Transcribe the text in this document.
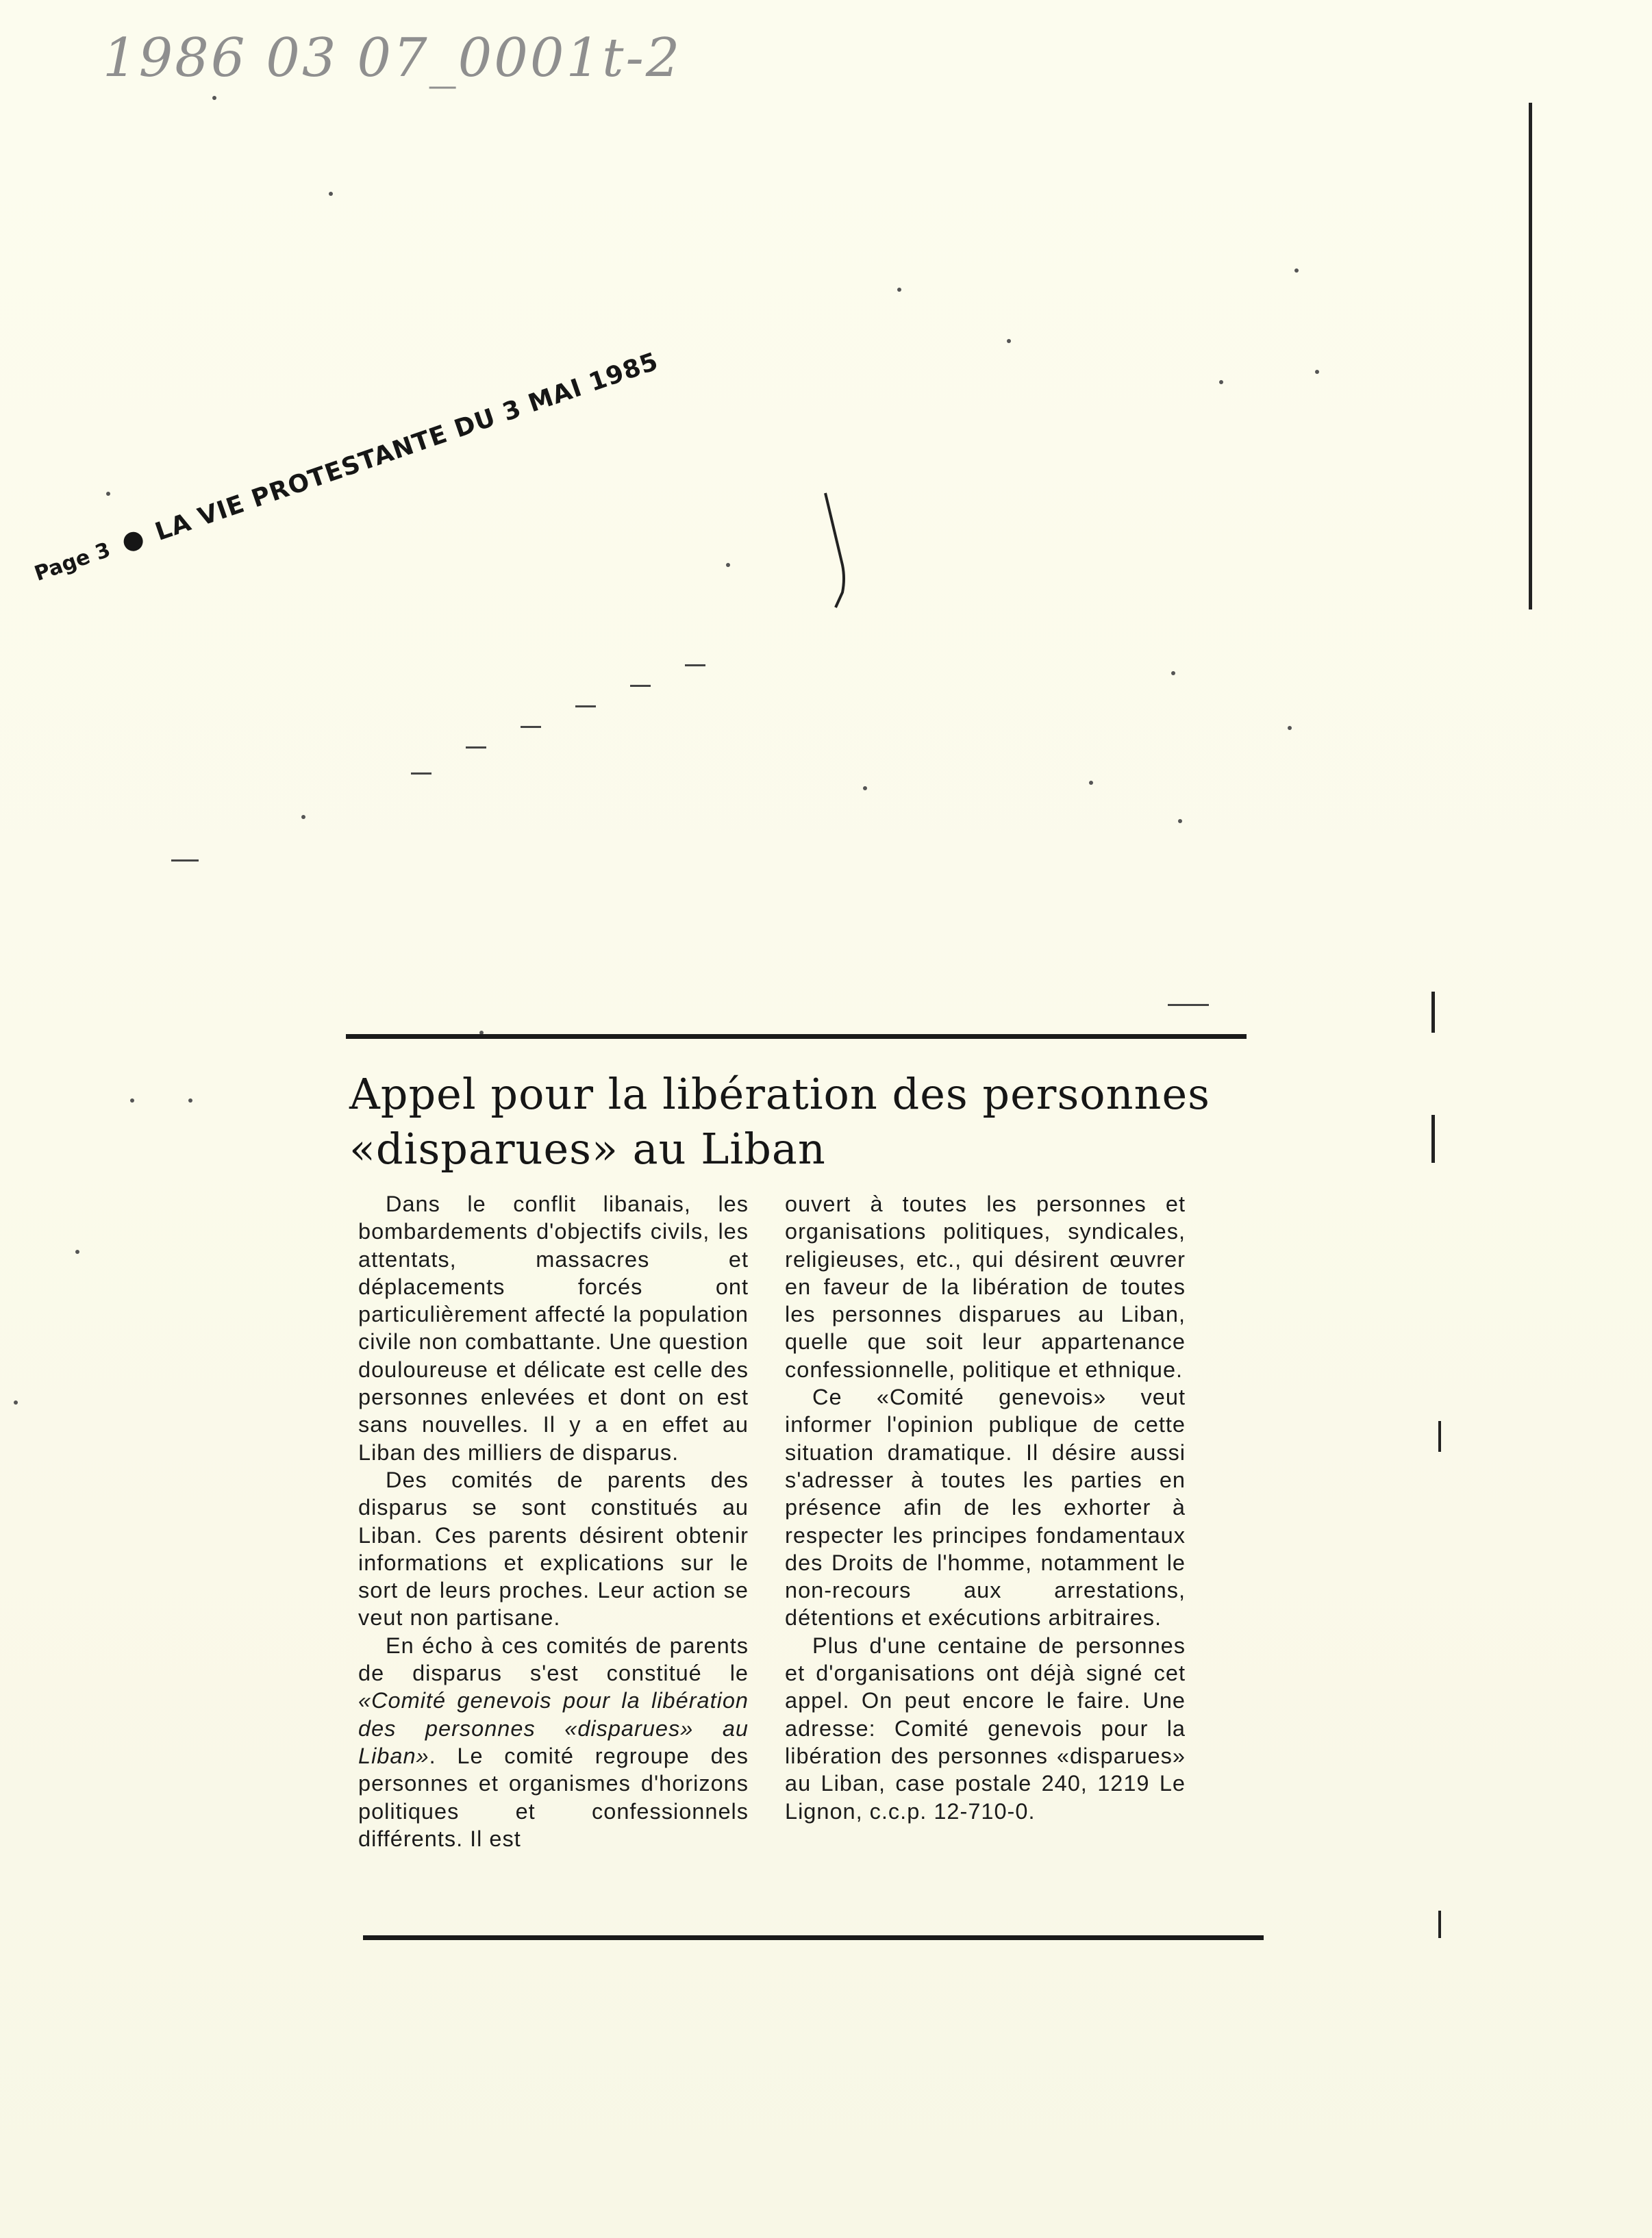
1986 03 07_0001t-2
Page 3
LA VIE PROTESTANTE DU 3 MAI 1985
Appel pour la libération des personnes
«disparues» au Liban

Dans le conflit libanais, les bombardements d'objectifs civils, les attentats, massacres et déplacements forcés ont particulièrement affecté la population civile non combattante. Une question douloureuse et délicate est celle des personnes enlevées et dont on est sans nouvelles. Il y a en effet au Liban des milliers de disparus.

Des comités de parents des disparus se sont constitués au Liban. Ces parents désirent obtenir informations et explications sur le sort de leurs proches. Leur action se veut non partisane.

En écho à ces comités de parents de disparus s'est constitué le «Comité genevois pour la libération des personnes «disparues» au Liban». Le comité regroupe des personnes et organismes d'horizons politiques et confessionnels différents. Il est

ouvert à toutes les personnes et organisations politiques, syndicales, religieuses, etc., qui désirent œuvrer en faveur de la libération de toutes les personnes disparues au Liban, quelle que soit leur appartenance confessionnelle, politique et ethnique.

Ce «Comité genevois» veut informer l'opinion publique de cette situation dramatique. Il désire aussi s'adresser à toutes les parties en présence afin de les exhorter à respecter les principes fondamentaux des Droits de l'homme, notamment le non-recours aux arrestations, détentions et exécutions arbitraires.

Plus d'une centaine de personnes et d'organisations ont déjà signé cet appel. On peut encore le faire. Une adresse: Comité genevois pour la libération des personnes «disparues» au Liban, case postale 240, 1219 Le Lignon, c.c.p. 12-710-0.
